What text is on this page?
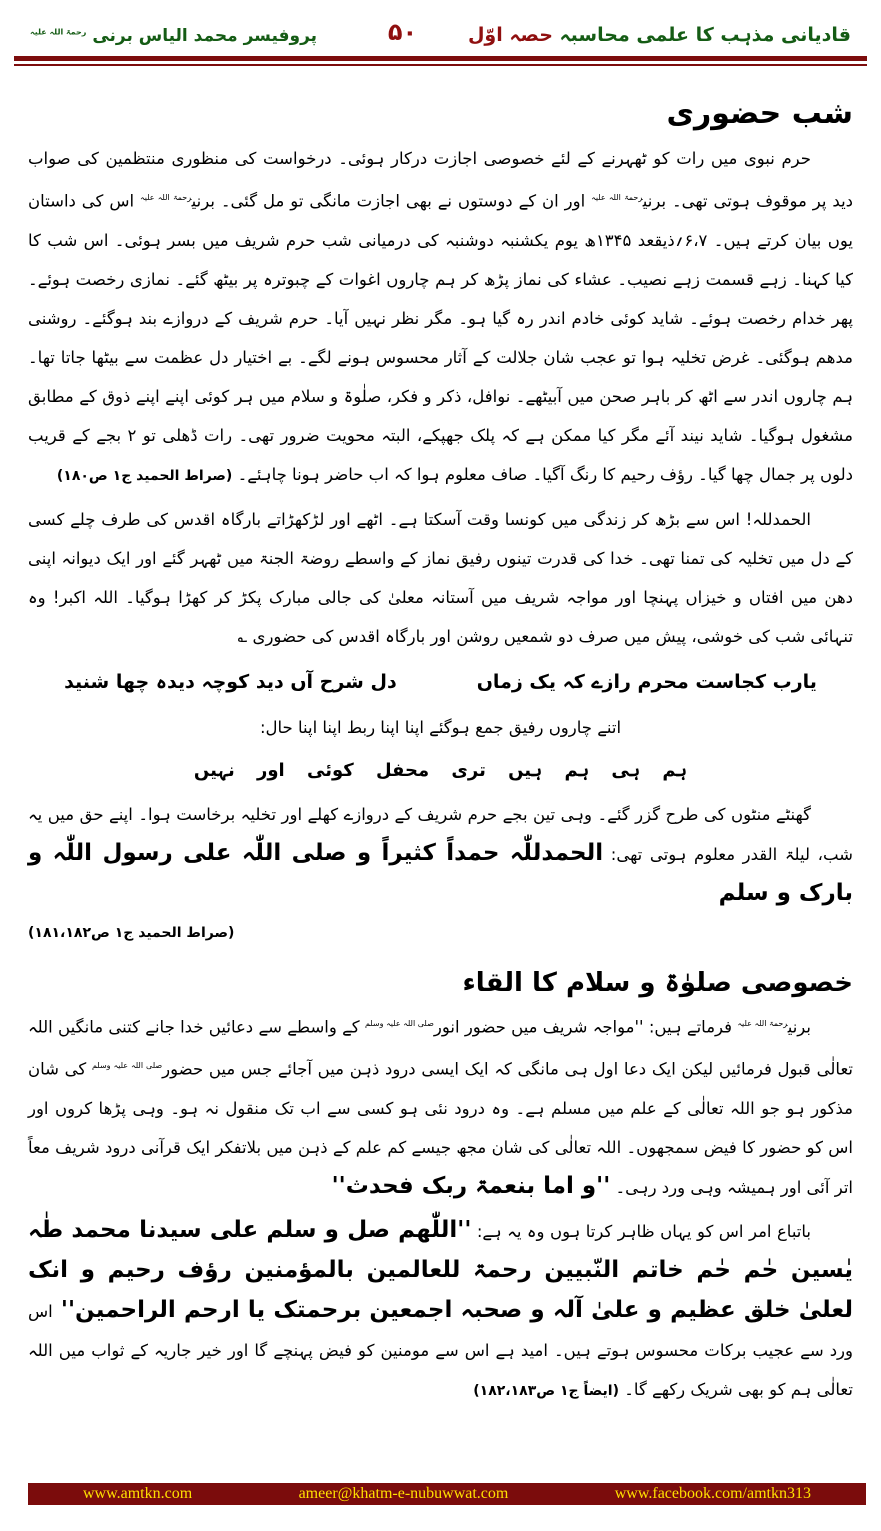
قادیانی مذہب کا علمی محاسبہ حصہ اوّل
۵۰
پروفیسر محمد الیاس برنی $^{رحمۃ اللہ علیہ}$
شب حضوری
حرم نبوی میں رات کو ٹھہرنے کے لئے خصوصی اجازت درکار ہوئی۔ درخواست کی منظوری منتظمین کی صواب دید پر موقوف ہوتی تھی۔ برنی$^{رحمۃ اللہ علیہ}$ اور ان کے دوستوں نے بھی اجازت مانگی تو مل گئی۔ برنی$^{رحمۃ اللہ علیہ}$ اس کی داستان یوں بیان کرتے ہیں۔ ۶،۷؍ذیقعد ۱۳۴۵ھ یوم یکشنبہ دوشنبہ کی درمیانی شب حرم شریف میں بسر ہوئی۔ اس شب کا کیا کہنا۔ زہے قسمت زہے نصیب۔ عشاء کی نماز پڑھ کر ہم چاروں اغوات کے چبوترہ پر بیٹھ گئے۔ نمازی رخصت ہوئے۔ پھر خدام رخصت ہوئے۔ شاید کوئی خادم اندر رہ گیا ہو۔ مگر نظر نہیں آیا۔ حرم شریف کے دروازے بند ہوگئے۔ روشنی مدھم ہوگئی۔ غرض تخلیہ ہوا تو عجب شان جلالت کے آثار محسوس ہونے لگے۔ بے اختیار دل عظمت سے بیٹھا جاتا تھا۔ ہم چاروں اندر سے اٹھ کر باہر صحن میں آبیٹھے۔ نوافل، ذکر و فکر، صلٰوۃ و سلام میں ہر کوئی اپنے اپنے ذوق کے مطابق مشغول ہوگیا۔ شاید نیند آئے مگر کیا ممکن ہے کہ پلک جھپکے، البتہ محویت ضرور تھی۔ رات ڈھلی تو ۲ بجے کے قریب دلوں پر جمال چھا گیا۔ رؤف رحیم کا رنگ آگیا۔ صاف معلوم ہوا کہ اب حاضر ہونا چاہئے۔ (صراط الحمید ج۱ ص۱۸۰)
الحمدللہ! اس سے بڑھ کر زندگی میں کونسا وقت آسکتا ہے۔ اٹھے اور لڑکھڑاتے بارگاہ اقدس کی طرف چلے کسی کے دل میں تخلیہ کی تمنا تھی۔ خدا کی قدرت تینوں رفیق نماز کے واسطے روضۃ الجنۃ میں ٹھہر گئے اور ایک دیوانہ اپنی دھن میں افتاں و خیزاں پہنچا اور مواجہ شریف میں آستانہ معلیٰ کی جالی مبارک پکڑ کر کھڑا ہوگیا۔ اللہ اکبر! وہ تنہائی شب کی خوشی، پیش میں صرف دو شمعیں روشن اور بارگاہ اقدس کی حضوری ؎
یارب کجاست محرم رازے کہ یک زماں
دل شرح آں دید کوچہ دیدہ چھا شنید
اتنے چاروں رفیق جمع ہوگئے اپنا اپنا ربط اپنا اپنا حال:
ہم ہی ہم ہیں تری محفل کوئی اور نہیں
گھنٹے منٹوں کی طرح گزر گئے۔ وہی تین بجے حرم شریف کے دروازے کھلے اور تخلیہ برخاست ہوا۔ اپنے حق میں یہ شب، لیلۃ القدر معلوم ہوتی تھی: الحمدللّٰہ حمداً کثیراً و صلی اللّٰہ علی رسول اللّٰہ و بارک و سلم
(صراط الحمید ج۱ ص۱۸۱،۱۸۲)
خصوصی صلوٰۃ و سلام کا القاء
برنی$^{رحمۃ اللہ علیہ}$ فرماتے ہیں: ''مواجہ شریف میں حضور انور$^{صلی اللہ علیہ وسلم}$ کے واسطے سے دعائیں خدا جانے کتنی مانگیں اللہ تعالٰی قبول فرمائیں لیکن ایک دعا اول ہی مانگی کہ ایک ایسی درود ذہن میں آجائے جس میں حضور$^{صلی اللہ علیہ وسلم}$ کی شان مذکور ہو جو اللہ تعالٰی کے علم میں مسلم ہے۔ وہ درود نئی ہو کسی سے اب تک منقول نہ ہو۔ وہی پڑھا کروں اور اس کو حضور کا فیض سمجھوں۔ اللہ تعالٰی کی شان مجھ جیسے کم علم کے ذہن میں بلاتفکر ایک قرآنی درود شریف معاً اتر آئی اور ہمیشہ وہی ورد رہی۔ ''و اما بنعمۃ ربک فحدث''
باتباع امر اس کو یہاں ظاہر کرتا ہوں وہ یہ ہے: ''اللّٰھم صل و سلم علی سیدنا محمد طٰہ یٰسین حٰم حٰم خاتم النّبیین رحمۃ للعالمین بالمؤمنین رؤف رحیم و انک لعلیٰ خلق عظیم و علیٰ آلہ و صحبہ اجمعین برحمتک یا ارحم الراحمین'' اس ورد سے عجیب برکات محسوس ہوتے ہیں۔ امید ہے اس سے مومنین کو فیض پہنچے گا اور خیر جاریہ کے ثواب میں اللہ تعالٰی ہم کو بھی شریک رکھے گا۔ (ایضاً ج۱ ص۱۸۲،۱۸۳)
www.amtkn.com	ameer@khatm-e-nubuwwat.com	www.facebook.com/amtkn313
